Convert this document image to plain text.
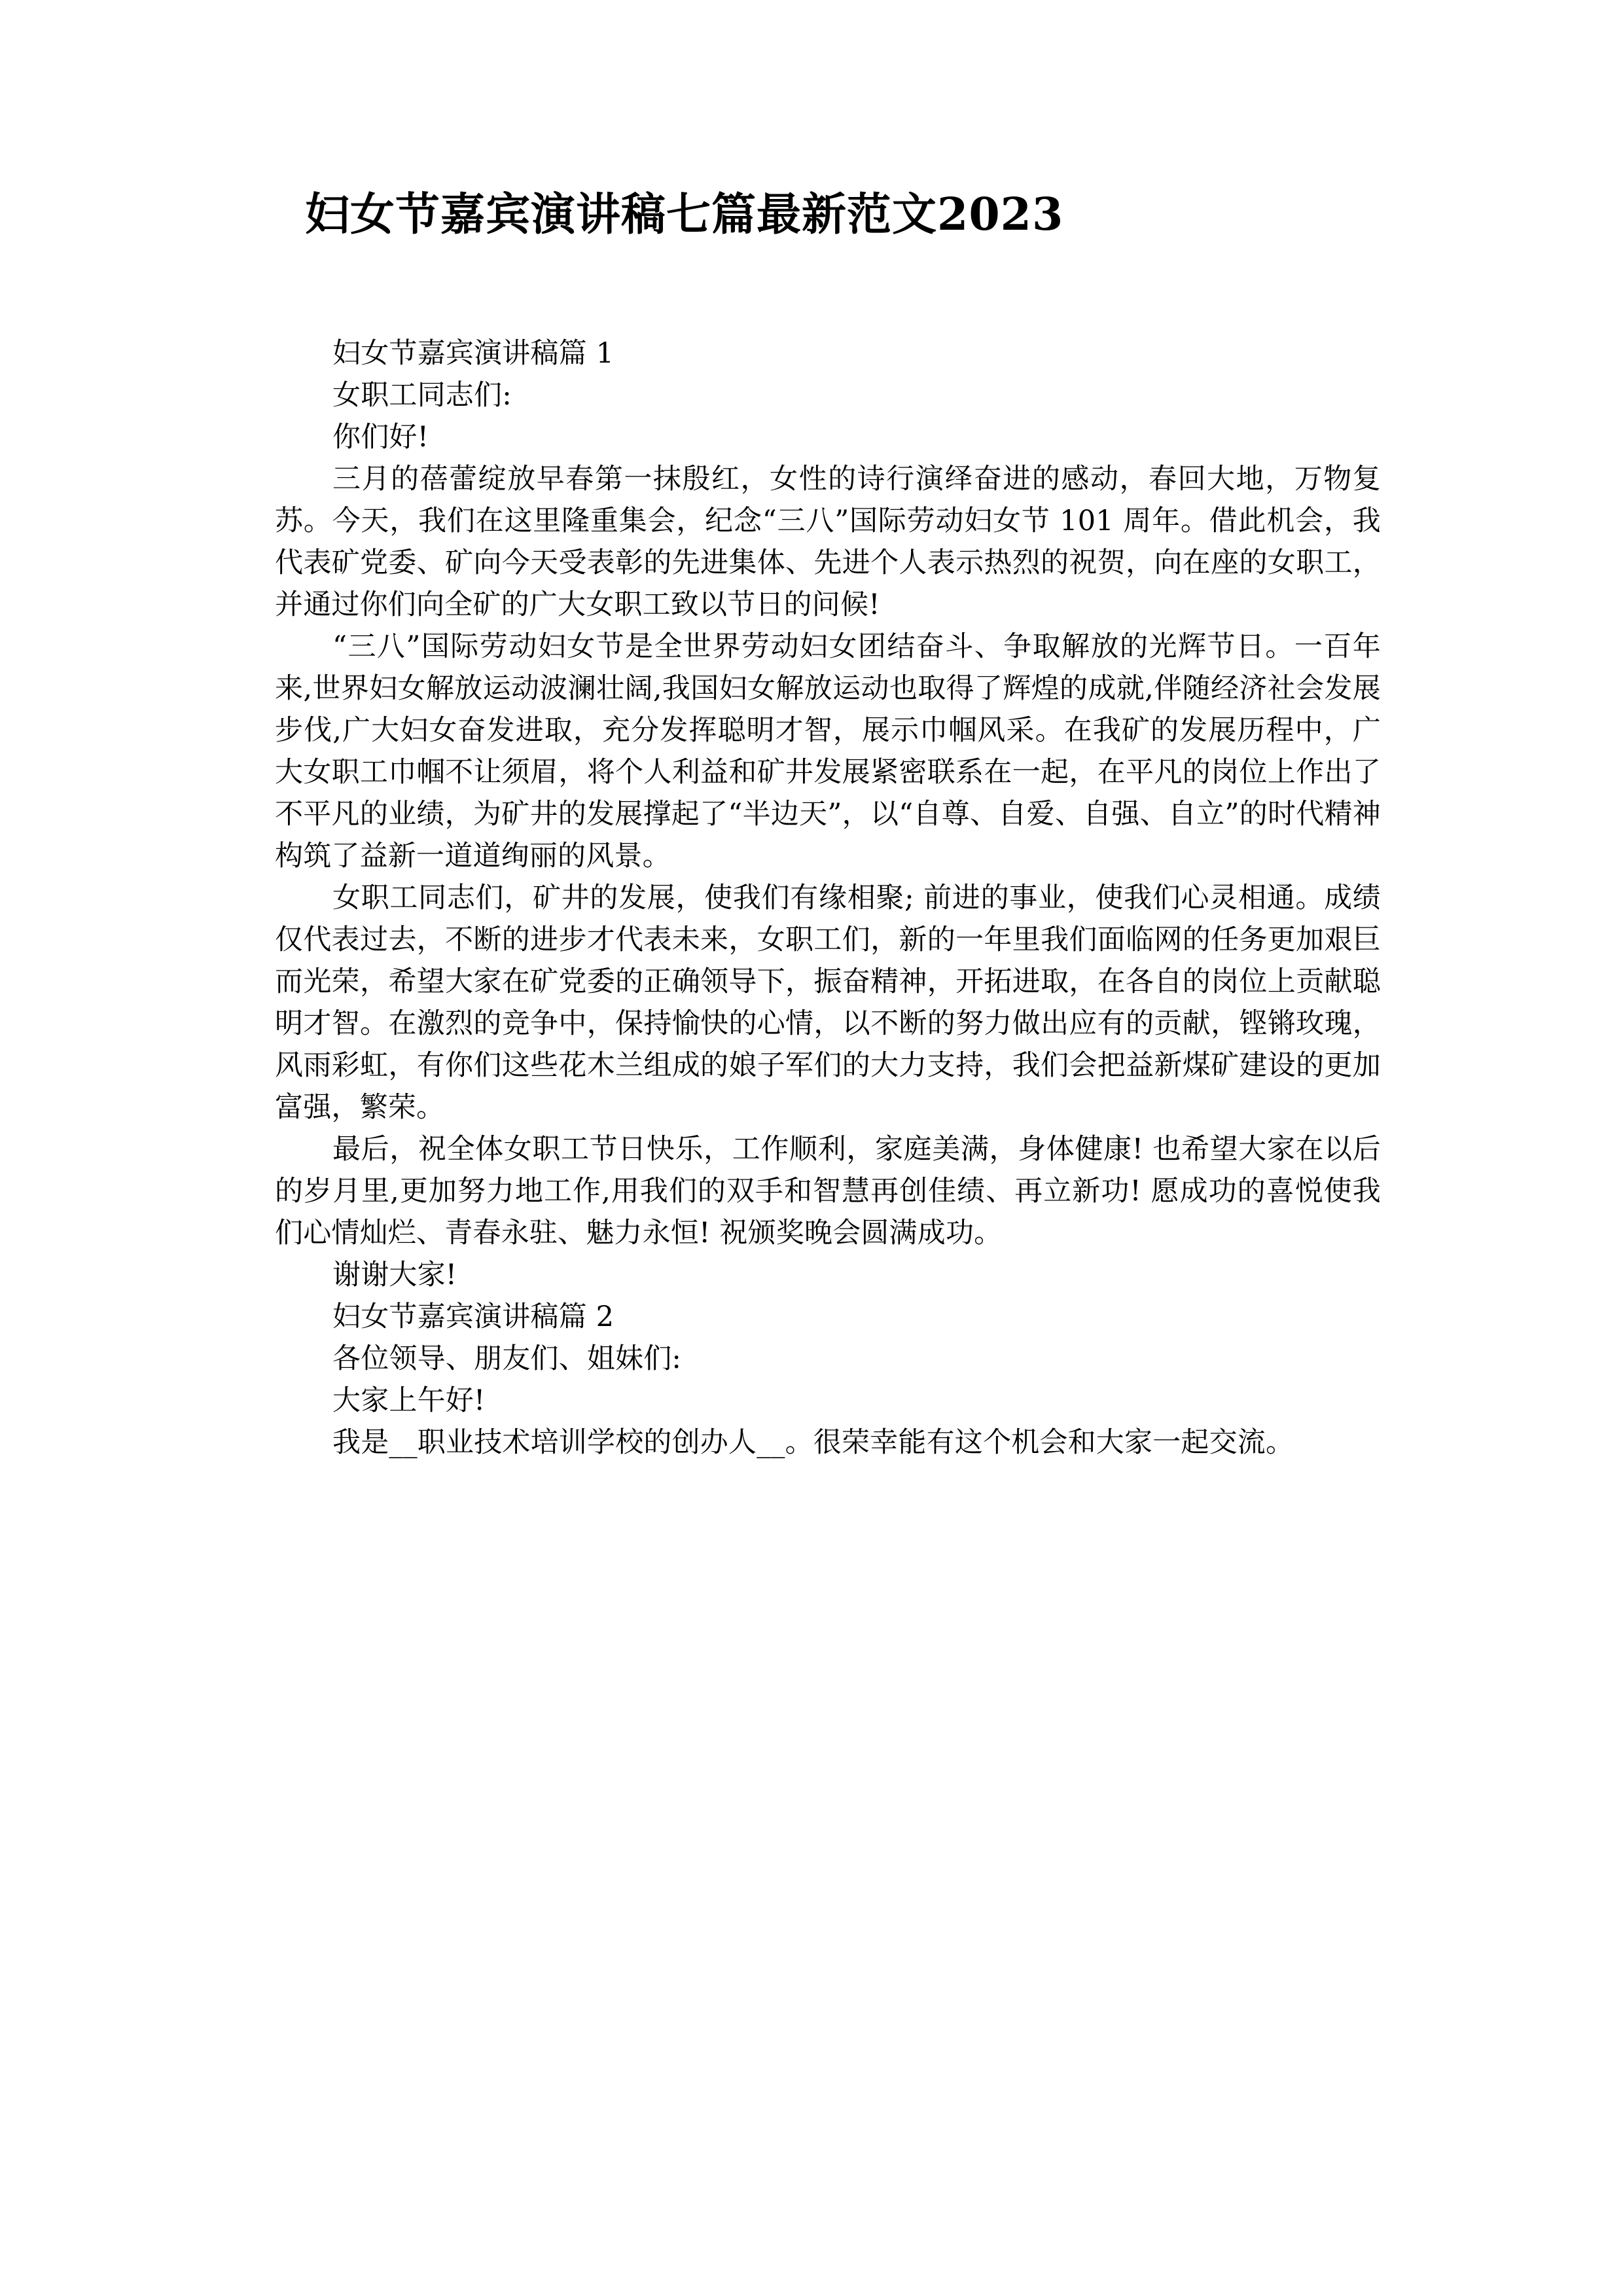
妇女节嘉宾演讲稿七篇最新范文2023

妇女节嘉宾演讲稿篇 1

女职工同志们:

你们好!

三月的蓓蕾绽放早春第一抹殷红，女性的诗行演绎奋进的感动，春回大地，万物复苏。今天，我们在这里隆重集会，纪念“三八”国际劳动妇女节 101 周年。借此机会，我代表矿党委、矿向今天受表彰的先进集体、先进个人表示热烈的祝贺，向在座的女职工，并通过你们向全矿的广大女职工致以节日的问候!

“三八”国际劳动妇女节是全世界劳动妇女团结奋斗、争取解放的光辉节日。一百年来,世界妇女解放运动波澜壮阔,我国妇女解放运动也取得了辉煌的成就,伴随经济社会发展步伐,广大妇女奋发进取，充分发挥聪明才智，展示巾帼风采。在我矿的发展历程中，广大女职工巾帼不让须眉，将个人利益和矿井发展紧密联系在一起，在平凡的岗位上作出了不平凡的业绩，为矿井的发展撑起了“半边天”，以“自尊、自爱、自强、自立”的时代精神构筑了益新一道道绚丽的风景。

女职工同志们，矿井的发展，使我们有缘相聚; 前进的事业，使我们心灵相通。成绩仅代表过去，不断的进步才代表未来，女职工们，新的一年里我们面临网的任务更加艰巨而光荣，希望大家在矿党委的正确领导下，振奋精神，开拓进取，在各自的岗位上贡献聪明才智。在激烈的竞争中，保持愉快的心情，以不断的努力做出应有的贡献，铿锵玫瑰，风雨彩虹，有你们这些花木兰组成的娘子军们的大力支持，我们会把益新煤矿建设的更加富强，繁荣。

最后，祝全体女职工节日快乐，工作顺利，家庭美满，身体健康! 也希望大家在以后的岁月里,更加努力地工作,用我们的双手和智慧再创佳绩、再立新功! 愿成功的喜悦使我们心情灿烂、青春永驻、魅力永恒! 祝颁奖晚会圆满成功。

谢谢大家!

妇女节嘉宾演讲稿篇 2

各位领导、朋友们、姐妹们:

大家上午好!

我是__职业技术培训学校的创办人__。很荣幸能有这个机会和大家一起交流。
